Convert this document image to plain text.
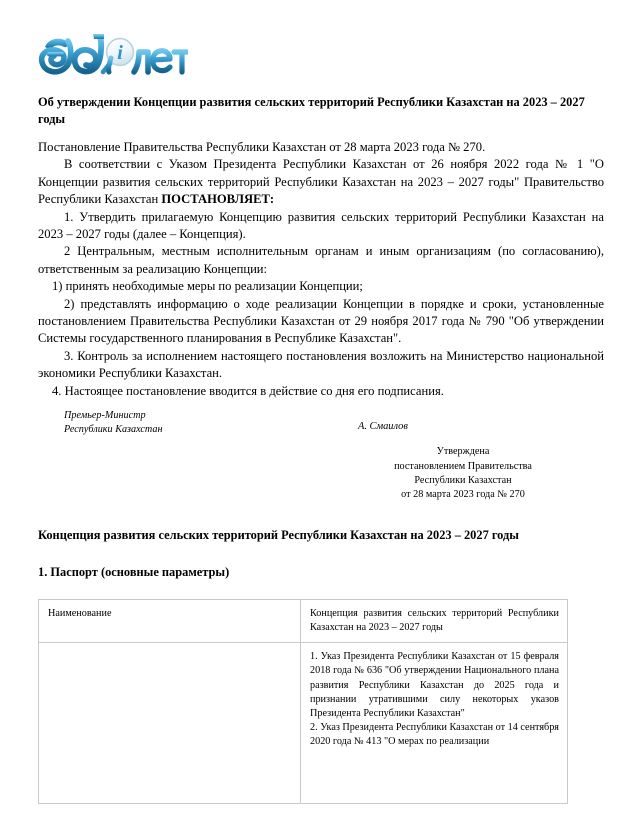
i
Об утверждении Концепции развития сельских территорий Республики Казахстан на 2023 – 2027 годы

Постановление Правительства Республики Казахстан от 28 марта 2023 года № 270.

В соответствии с Указом Президента Республики Казахстан от 26 ноября 2022 года № 1 "О Концепции развития сельских территорий Республики Казахстан на 2023 – 2027 годы" Правительство Республики Казахстан ПОСТАНОВЛЯЕТ:

1. Утвердить прилагаемую Концепцию развития сельских территорий Республики Казахстан на 2023 – 2027 годы (далее – Концепция).

2 Центральным, местным исполнительным органам и иным организациям (по согласованию), ответственным за реализацию Концепции:

1) принять необходимые меры по реализации Концепции;

2) представлять информацию о ходе реализации Концепции в порядке и сроки, установленные постановлением Правительства Республики Казахстан от 29 ноября 2017 года № 790 "Об утверждении Системы государственного планирования в Республике Казахстан".

3. Контроль за исполнением настоящего постановления возложить на Министерство национальной экономики Республики Казахстан.

4. Настоящее постановление вводится в действие со дня его подписания.

Премьер-Министр
Республики Казахстан	А. Смаилов
Утверждена
постановлением Правительства
Республики Казахстан
от 28 марта 2023 года № 270
Концепция развития сельских территорий Республики Казахстан на 2023 – 2027 годы
1. Паспорт (основные параметры)
Наименование	Концепция развития сельских территорий Республики Казахстан на 2023 – 2027 годы

	1. Указ Президента Республики Казахстан от 15 февраля 2018 года № 636 "Об утверждении Национального плана развития Республики Казахстан до 2025 года и признании утратившими силу некоторых указов Президента Республики Казахстан"

2. Указ Президента Республики Казахстан от 14 сентября 2020 года № 413 "О мерах по реализации
